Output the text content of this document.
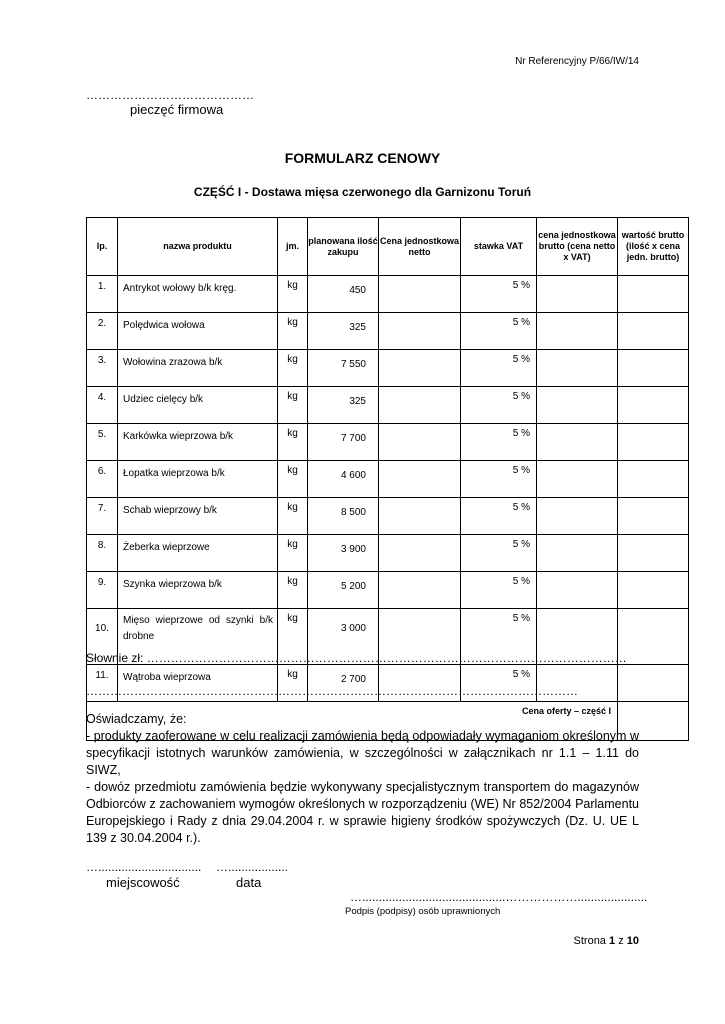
Nr Referencyjny P/66/IW/14
……………………………………
pieczęć firmowa
FORMULARZ CENOWY
CZĘŚĆ I - Dostawa mięsa czerwonego dla Garnizonu Toruń
lp.	nazwa produktu	jm.	planowana ilość zakupu	Cena jednostkowa netto	stawka VAT	cena jednostkowa brutto (cena netto x VAT)	wartość brutto (ilość x cena jedn. brutto)
1.	Antrykot wołowy b/k kręg.	kg	450		5 %		
2.	Polędwica wołowa	kg	325		5 %		
3.	Wołowina zrazowa b/k	kg	7 550		5 %		
4.	Udziec cielęcy b/k	kg	325		5 %		
5.	Karkówka wieprzowa b/k	kg	7 700		5 %		
6.	Łopatka wieprzowa b/k	kg	4 600		5 %		
7.	Schab wieprzowy b/k	kg	8 500		5 %		
8.	Żeberka wieprzowe	kg	3 900		5 %		
9.	Szynka wieprzowa b/k	kg	5 200		5 %		
10.	Mięso wieprzowe od szynki b/k drobne	kg	3 000		5 %		
11.	Wątroba wieprzowa	kg	2 700		5 %		
Cena oferty – część I							
Słownie zł: …………………………………………………………………………………………………………
……………………………………………………………………………………………………………
Oświadczamy, że:
- produkty zaoferowane w celu realizacji zamówienia będą odpowiadały wymaganiom określonym w specyfikacji istotnych warunków zamówienia, w szczególności w załącznikach nr 1.1 – 1.11 do SIWZ,
- dowóz przedmiotu zamówienia będzie wykonywany specjalistycznym transportem do magazynów Odbiorców z zachowaniem wymogów określonych w rozporządzeniu (WE) Nr 852/2004 Parlamentu Europejskiego i Rady z dnia 29.04.2004 r. w sprawie higieny środków spożywczych (Dz. U. UE L 139 z 30.04.2004 r.).
…............................... …..................
miejscowość	data
…...........................................……………….....................
Podpis (podpisy) osób uprawnionych
Strona 1 z 10
